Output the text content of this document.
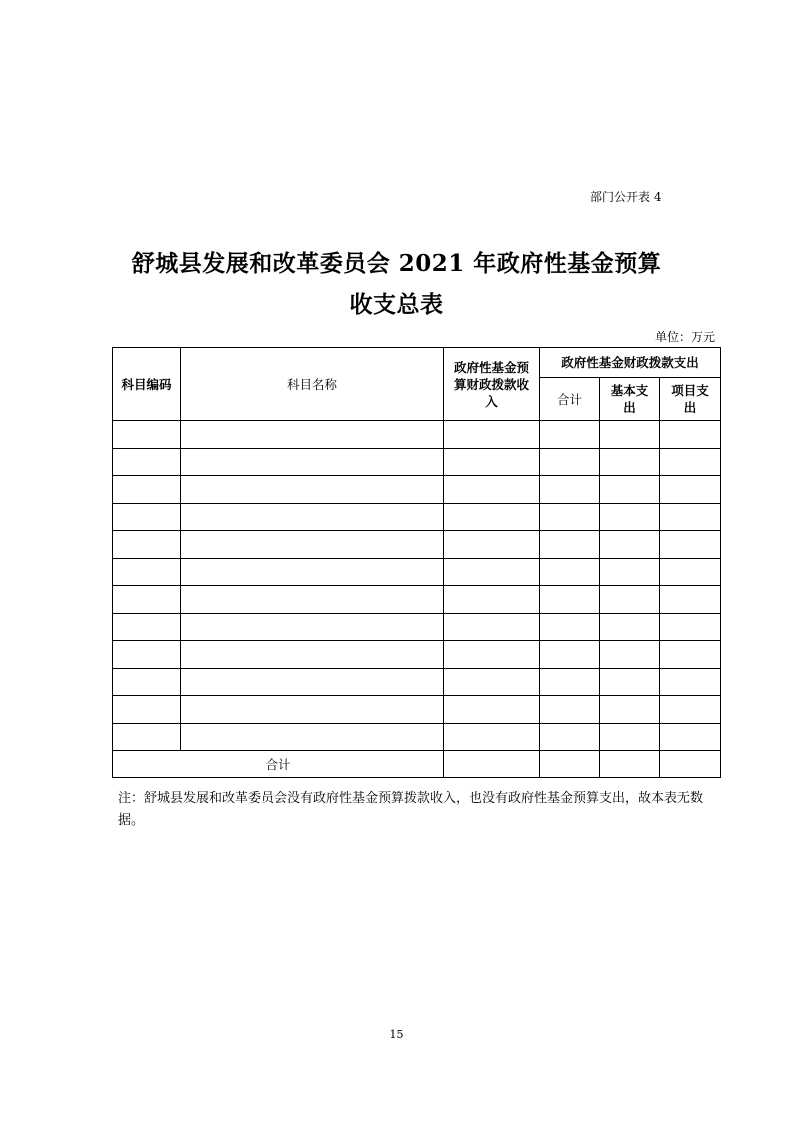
部门公开表 4
舒城县发展和改革委员会 2021 年政府性基金预算
收支总表
单位：万元
科目编码	科目名称	政府性基金预算财政拨款收入	政府性基金财政拨款支出		
			合计	基本支出	项目支出

合计					
注：舒城县发展和改革委员会没有政府性基金预算拨款收入，也没有政府性基金预算支出，故本表无数据。
15
